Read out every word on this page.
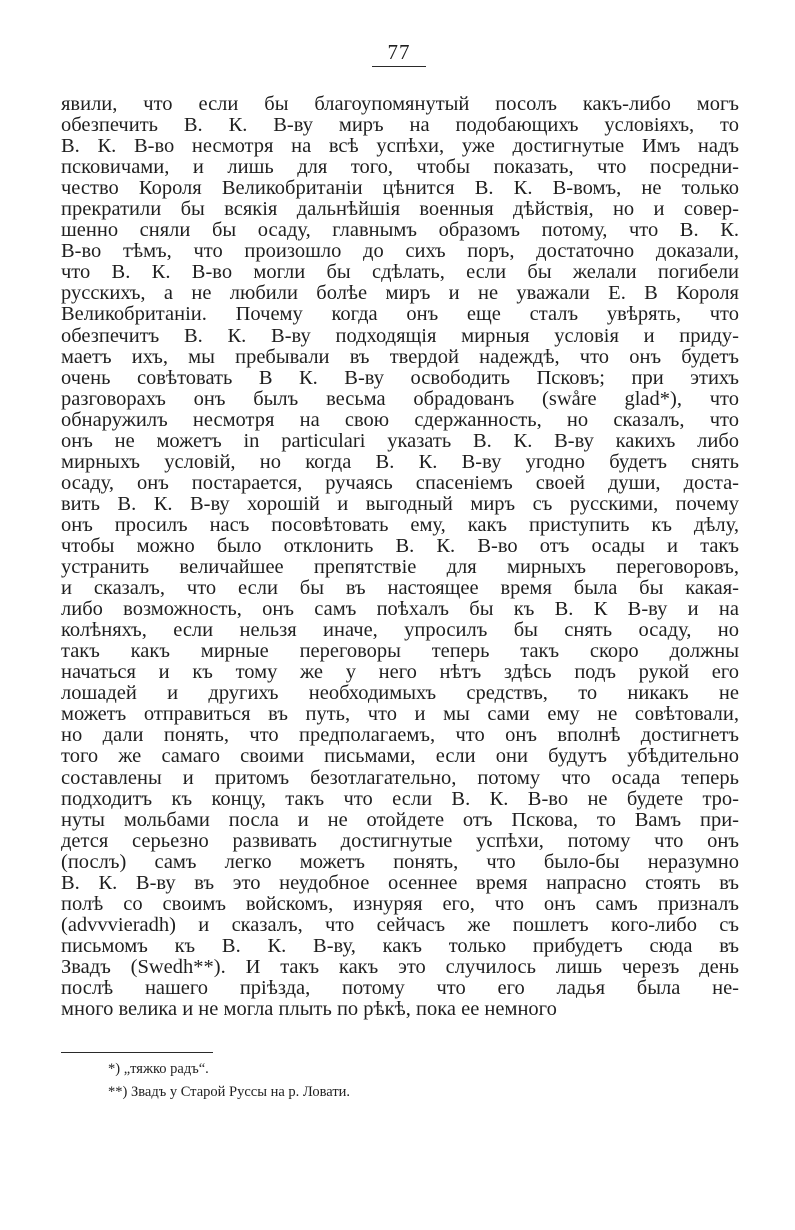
77
явили, что если бы благоупомянутый посолъ какъ-либо могъ
обезпечить В. К. В-ву миръ на подобающихъ условіяхъ, то
В. К. В-во несмотря на всѣ успѣхи, уже достигнутые Имъ надъ
псковичами, и лишь для того, чтобы показать, что посредни-
чество Короля Великобританіи цѣнится В. К. В-вомъ, не только
прекратили бы всякія дальнѣйшія военныя дѣйствія, но и совер-
шенно сняли бы осаду, главнымъ образомъ потому, что В. К.
В-во тѣмъ, что произошло до сихъ поръ, достаточно доказали,
что В. К. В-во могли бы сдѣлать, если бы желали погибели
русскихъ, а не любили болѣе миръ и не уважали Е. В Короля
Великобританіи. Почему когда онъ еще сталъ увѣрять, что
обезпечитъ В. К. В-ву подходящія мирныя условія и приду-
маетъ ихъ, мы пребывали въ твердой надеждѣ, что онъ будетъ
очень совѣтовать В К. В-ву освободить Псковъ; при этихъ
разговорахъ онъ былъ весьма обрадованъ (swåre glad*), что
обнаружилъ несмотря на свою сдержанность, но сказалъ, что
онъ не можетъ in particulari указать В. К. В-ву какихъ либо
мирныхъ условій, но когда В. К. В-ву угодно будетъ снять
осаду, онъ постарается, ручаясь спасеніемъ своей души, доста-
вить В. К. В-ву хорошій и выгодный миръ съ русскими, почему
онъ просилъ насъ посовѣтовать ему, какъ приступить къ дѣлу,
чтобы можно было отклонить В. К. В-во отъ осады и такъ
устранить величайшее препятствіе для мирныхъ переговоровъ,
и сказалъ, что если бы въ настоящее время была бы какая-
либо возможность, онъ самъ поѣхалъ бы къ В. К В-ву и на
колѣняхъ, если нельзя иначе, упросилъ бы снять осаду, но
такъ какъ мирные переговоры теперь такъ скоро должны
начаться и къ тому же у него нѣтъ здѣсь подъ рукой его
лошадей и другихъ необходимыхъ средствъ, то никакъ не
можетъ отправиться въ путь, что и мы сами ему не совѣтовали,
но дали понять, что предполагаемъ, что онъ вполнѣ достигнетъ
того же самаго своими письмами, если они будутъ убѣдительно
составлены и притомъ безотлагательно, потому что осада теперь
подходитъ къ концу, такъ что если В. К. В-во не будете тро-
нуты мольбами посла и не отойдете отъ Пскова, то Вамъ при-
дется серьезно развивать достигнутые успѣхи, потому что онъ
(послъ) самъ легко можетъ понять, что было-бы неразумно
В. К. В-ву въ это неудобное осеннее время напрасно стоять въ
полѣ со своимъ войскомъ, изнуряя его, что онъ самъ призналъ
(advvvieradh) и сказалъ, что сейчасъ же пошлетъ кого-либо съ
письмомъ къ В. К. В-ву, какъ только прибудетъ сюда въ
Звадъ (Swedh**). И такъ какъ это случилось лишь черезъ день
послѣ нашего пріѣзда, потому что его ладья была не-
много велика и не могла плыть по рѣкѣ, пока ее немного
*) „тяжко радъ“.
**) Звадъ у Старой Руссы на р. Ловати.
